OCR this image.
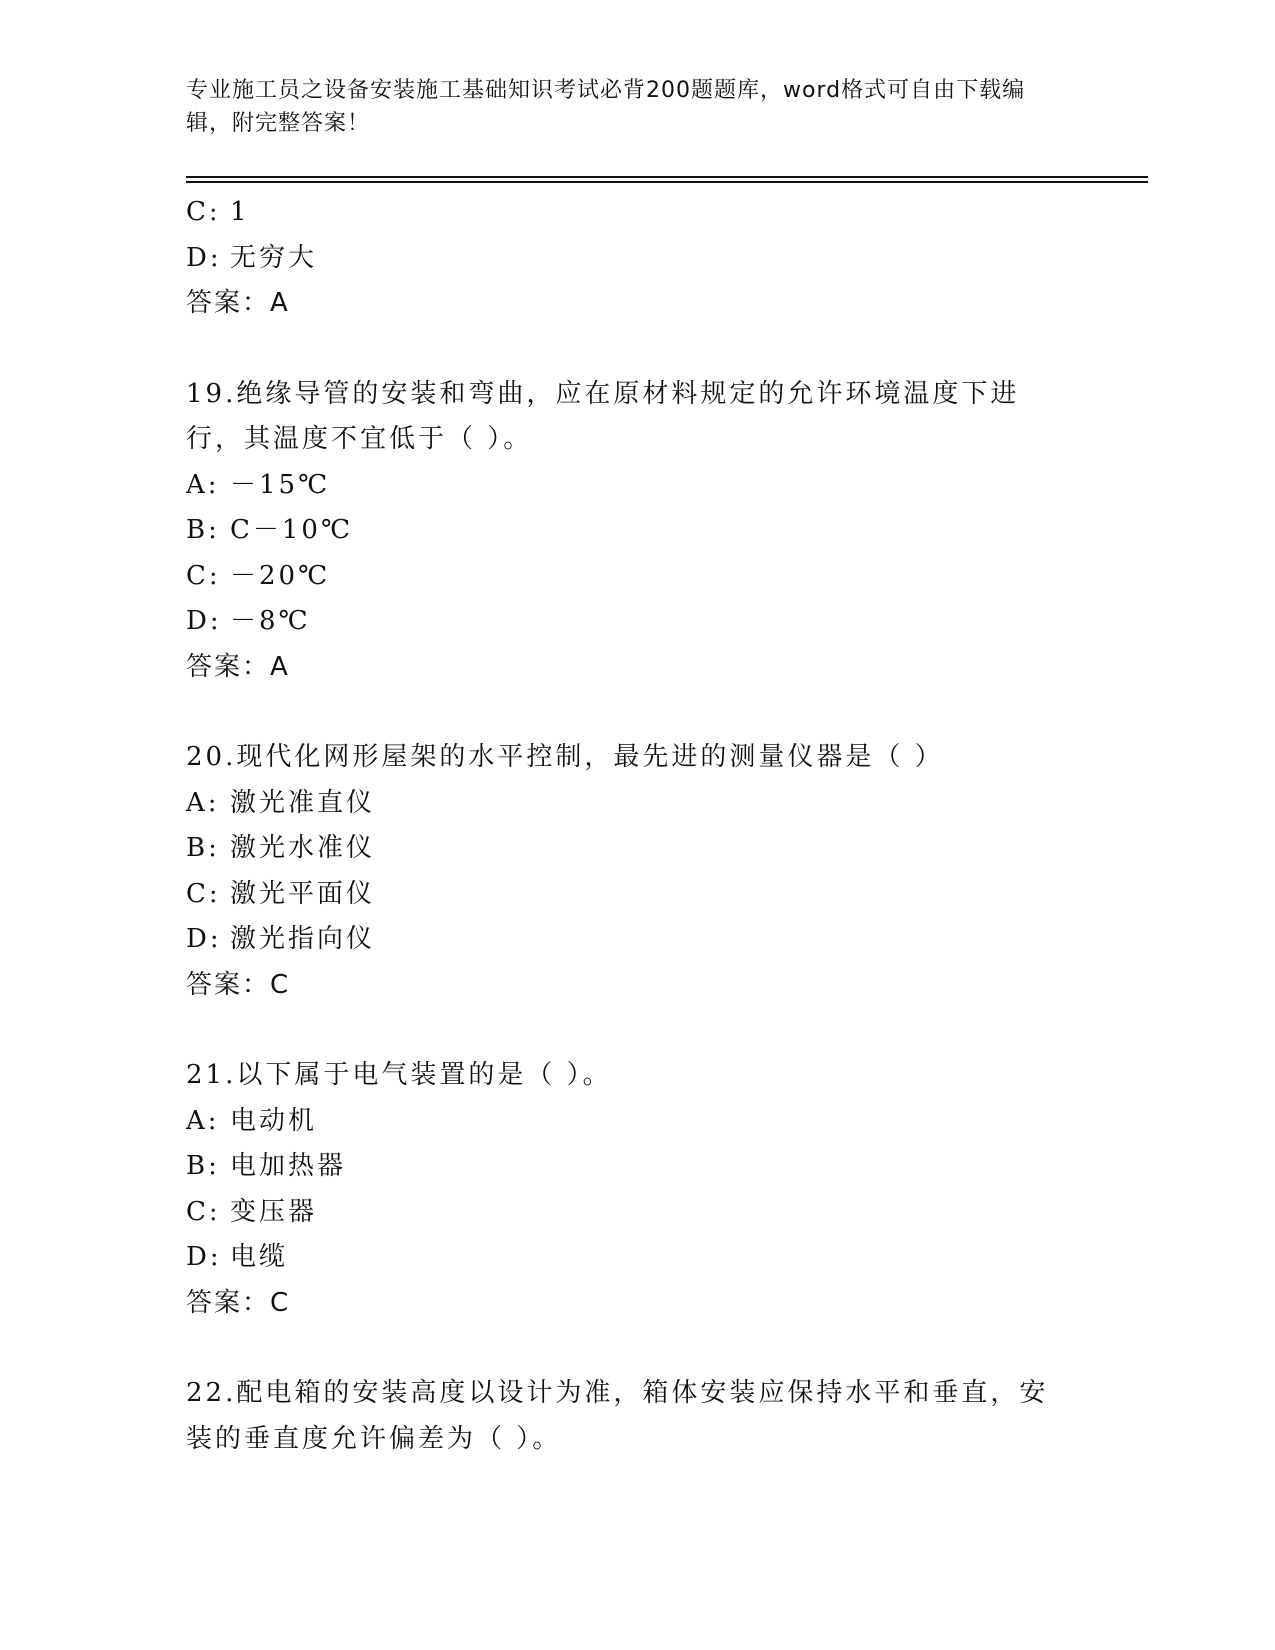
专业施工员之设备安装施工基础知识考试必背200题题库，word格式可自由下载编辑，附完整答案！
C: 1
D: 无穷大
答案：A
19.绝缘导管的安装和弯曲，应在原材料规定的允许环境温度下进行，其温度不宜低于（ ）。
A: －15℃
B: C－10℃
C: －20℃
D: －8℃
答案：A
20.现代化网形屋架的水平控制，最先进的测量仪器是（ ）
A: 激光准直仪
B: 激光水准仪
C: 激光平面仪
D: 激光指向仪
答案：C
21.以下属于电气装置的是（ ）。
A: 电动机
B: 电加热器
C: 变压器
D: 电缆
答案：C
22.配电箱的安装高度以设计为准，箱体安装应保持水平和垂直，安装的垂直度允许偏差为（ ）。
